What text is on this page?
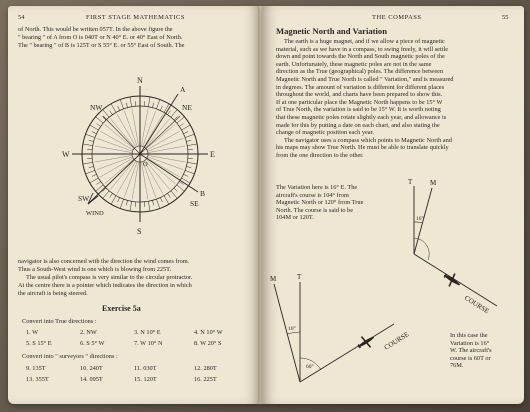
54	FIRST STAGE MATHEMATICS

of North. This would be written 057T. In the above figure the

" bearing " of A from O is 040T or N 40° E. or 40° East of North.

The " bearing " of B is 125T or S 55° E. or 55° East of South. The

N
S
E
W
NW	NE
SE
SW
A
B
O
WIND

navigator is also concerned with the direction the wind comes from.

Thus a South-West wind is one which is blowing from 225T.

The usual pilot's compass is very similar to the circular protractor.

At the centre there is a pointer which indicates the direction in which

the aircraft is being steered.

Exercise 5a
Convert into True directions :
1. W	2. NW	3. N 10° E	4. N 10° W
5. S 15° E	6. S 5° W	7. W 10° N	8. W 20° S
Convert into " surveyors " directions :
9. 135T	10. 240T	11. 030T	12. 280T
13. 355T	14. 095T	15. 120T	16. 225T
THE COMPASS	55
Magnetic North and Variation

The earth is a huge magnet, and if we allow a piece of magnetic

material, such as we have in a compass, to swing freely, it will settle

down and point towards the North and South magnetic poles of the

earth. Unfortunately, these magnetic poles are not in the same

direction as the True (geographical) poles. The difference between

Magnetic North and True North is called " Variation," and is measured

in degrees. The amount of variation is different for different places

throughout the world, and charts have been prepared to show this.

If at one particular place the Magnetic North happens to be 15° W

of True North, the variation is said to be 15° W. It is worth noting

that these magnetic poles rotate slightly each year, and allowance is

made for this by putting a date on each chart, and also stating the

change of magnetic position each year.

The navigator uses a compass which points to Magnetic North and

his maps may show True North. He must be able to translate quickly

from the one direction to the other.

T	M
16°
COURSE
T
M
16°
60°
COURSE

The Variation here is 16° E. The

aircraft's course is 104° from

Magnetic North or 120° from True

North. The course is said to be

104M or 120T.

In this case the

Variation is 16°

W. The aircraft's

course is 60T or

76M.
